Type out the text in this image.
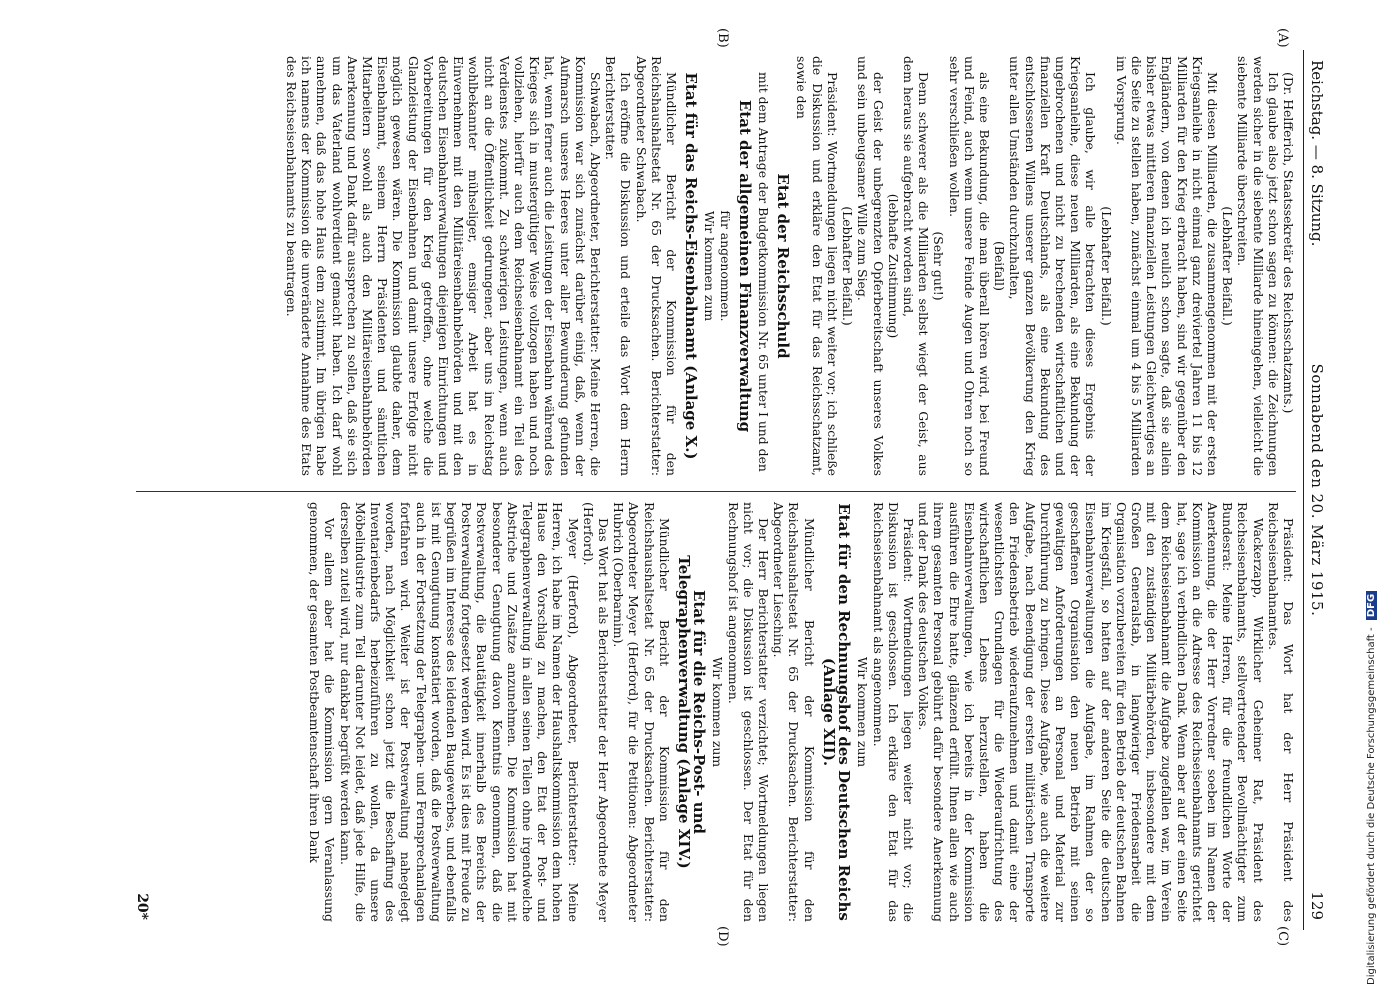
Reichstag. — 8. Sitzung.
Sonnabend den 20. März 1915.
129
(A)
(B)
(C)
(D)

(Dr. Helfferich, Staatssekretär des Reichsschatzamts.)

Ich glaube also jetzt schon sagen zu können: die Zeichnungen werden sicher in die siebente Milliarde hineingehen, vielleicht die siebente Milliarde überschreiten.

(Lebhafter Beifall.)

Mit diesen Milliarden, die zusammengenommen mit der ersten Kriegsanleihe in nicht einmal ganz dreiviertel Jahren 11 bis 12 Milliarden für den Krieg erbracht haben, sind wir gegenüber den Engländern, von denen ich neulich schon sagte, daß sie allein bisher etwas mittleren finanziellen Leistungen Gleichwertiges an die Seite zu stellen haben, zunächst einmal um 4 bis 5 Milliarden im Vorsprung.

(Lebhafter Beifall.)

Ich glaube, wir alle betrachten dieses Ergebnis der Kriegsanleihe, diese neuen Milliarden, als eine Bekundung der ungebrochenen und nicht zu brechenden wirtschaftlichen und finanziellen Kraft Deutschlands, als eine Bekundung des entschlossenen Willens unserer ganzen Bevölkerung den Krieg unter allen Umständen durchzuhalten,

(Beifall)

als eine Bekundung, die man überall hören wird, bei Freund und Feind, auch wenn unsere Feinde Augen und Ohren noch so sehr verschließen wollen.

(Sehr gut!)

Denn schwerer als die Milliarden selbst wiegt der Geist, aus dem heraus sie aufgebracht worden sind,

(lebhafte Zustimmung)

der Geist der unbegrenzten Opferbereitschaft unseres Volkes und sein unbeugsamer Wille zum Sieg.

(Lebhafter Beifall.)

Präsident: Wortmeldungen liegen nicht weiter vor; ich schließe die Diskussion und erkläre den Etat für das Reichsschatzamt, sowie den

Etat der Reichsschuld

mit dem Antrage der Budgetkommission Nr. 65 unter I und den

Etat der allgemeinen Finanzverwaltung

für angenommen.

Wir kommen zum

Etat für das Reichs-Eisenbahnamt (Anlage X.)

Mündlicher Bericht der Kommission für den Reichshaushaltsetat Nr. 65 der Drucksachen. Berichterstatter: Abgeordneter Schwabach.

Ich eröffne die Diskussion und erteile das Wort dem Herrn Berichterstatter.

Schwabach, Abgeordneter, Berichterstatter: Meine Herren, die Kommission war sich zunächst darüber einig, daß, wenn der Aufmarsch unseres Heeres unter aller Bewunderung gefunden hat, wenn ferner auch die Leistungen der Eisenbahn während des Krieges sich in mustergültiger Weise vollzogen haben und noch vollziehen, hierfür auch dem Reichseisenbahnamt ein Teil des Verdienstes zukommt. Zu schwierigen Leistungen, wenn auch nicht an die Öffentlichkeit gedrungener, aber uns im Reichstag wohlbekannter mühseliger, emsiger Arbeit hat es in Einvernehmen mit den Militäreisenbahnbehörden und mit den deutschen Eisenbahnverwaltungen diejenigen Einrichtungen und Vorbereitungen für den Krieg getroffen, ohne welche die Glanzleistung der Eisenbahnen und damit unsere Erfolge nicht möglich gewesen wären. Die Kommission glaubte daher, dem Eisenbahnamt, seinem Herrn Präsidenten und sämtlichen Mitarbeitern sowohl als auch den Militäreisenbahnbehörden Anerkennung und Dank dafür aussprechen zu sollen, daß sie sich um das Vaterland wohlverdient gemacht haben. Ich darf wohl annehmen, daß das hohe Haus dem zustimmt. Im übrigen habe ich namens der Kommission die unveränderte Annahme des Etats des Reichseisenbahnamts zu beantragen.

Präsident: Das Wort hat der Herr Präsident des Reichseisenbahnamtes.

Wackerzapp, Wirklicher Geheimer Rat, Präsident des Reichseisenbahnamts, stellvertretender Bevollmächtigter zum Bundesrat: Meine Herren, für die freundlichen Worte der Anerkennung, die der Herr Vorredner soeben im Namen der Kommission an die Adresse des Reichseisenbahnamts gerichtet hat, sage ich verbindlichen Dank. Wenn aber auf der einen Seite dem Reichseisenbahnamt die Aufgabe zugefallen war, im Verein mit den zuständigen Militärbehörden, insbesondere mit dem Großen Generalstab, in langwieriger Friedensarbeit die Organisation vorzubereiten für den Betrieb der deutschen Bahnen im Kriegsfall, so hatten auf der anderen Seite die deutschen Eisenbahnverwaltungen die Aufgabe, im Rahmen der so geschaffenen Organisation den neuen Betrieb mit seinen gewaltigen Anforderungen an Personal und Material zur Durchführung zu bringen. Diese Aufgabe, wie auch die weitere Aufgabe, nach Beendigung der ersten militärischen Transporte den Friedensbetrieb wiederaufzunehmen und damit eine der wesentlichsten Grundlagen für die Wiederaufrichtung des wirtschaftlichen Lebens herzustellen, haben die Eisenbahnverwaltungen, wie ich bereits in der Kommission ausführen die Ehre hatte, glänzend erfüllt. Ihnen allen wie auch ihrem gesamten Personal gebührt dafür besondere Anerkennung und der Dank des deutschen Volkes.

Präsident: Wortmeldungen liegen weiter nicht vor; die Diskussion ist geschlossen. Ich erkläre den Etat für das Reichseisenbahnamt als angenommen.

Wir kommen zum

Etat für den Rechnungshof des Deutschen Reichs (Anlage XII).

Mündlicher Bericht der Kommission für den Reichshaushaltsetat Nr. 65 der Drucksachen. Berichterstatter: Abgeordneter Liesching.

Der Herr Berichterstatter verzichtet; Wortmeldungen liegen nicht vor; die Diskussion ist geschlossen. Der Etat für den Rechnungshof ist angenommen.

Wir kommen zum

Etat für die Reichs-Post- und Telegraphenverwaltung (Anlage XIV.)

Mündlicher Bericht der Kommission für den Reichshaushaltsetat Nr. 65 der Drucksachen. Berichterstatter: Abgeordneter Meyer (Herford), für die Petitionen: Abgeordneter Hubrich (Oberbarnim).

Das Wort hat als Berichterstatter der Herr Abgeordnete Meyer (Herford).

Meyer (Herford), Abgeordneter, Berichterstatter: Meine Herren, ich habe im Namen der Haushaltskommission dem hohen Hause den Vorschlag zu machen, den Etat der Post- und Telegraphenverwaltung in allen seinen Teilen ohne irgendwelche Abstriche und Zusätze anzunehmen. Die Kommission hat mit besonderer Genugtuung davon Kenntnis genommen, daß die Postverwaltung, die Bautätigkeit innerhalb des Bereichs der Postverwaltung fortgesetzt werden wird. Es ist dies mit Freude zu begrüßen im Interesse des leidenden Baugewerbes, und ebenfalls ist mit Genugtuung konstatiert worden, daß die Postverwaltung auch in der Fortsetzung der Telegraphen- und Fernsprechanlagen fortfahren wird. Weiter ist der Postverwaltung nahegelegt worden, nach Möglichkeit schon jetzt die Beschaffung des Inventarienbedarfs herbeizuführen zu wollen, da unsere Möbelindustrie zum Teil darunter Not leidet, daß jede Hilfe, die derselben zuteil wird, nur dankbar begrüßt werden kann.

Vor allem aber hat die Kommission gern Veranlassung genommen, der gesamten Postbeamtenschaft ihren Dank

20*	Digitalisierung gefördert durch die Deutsche Forschungsgemeinschaft - DFG
